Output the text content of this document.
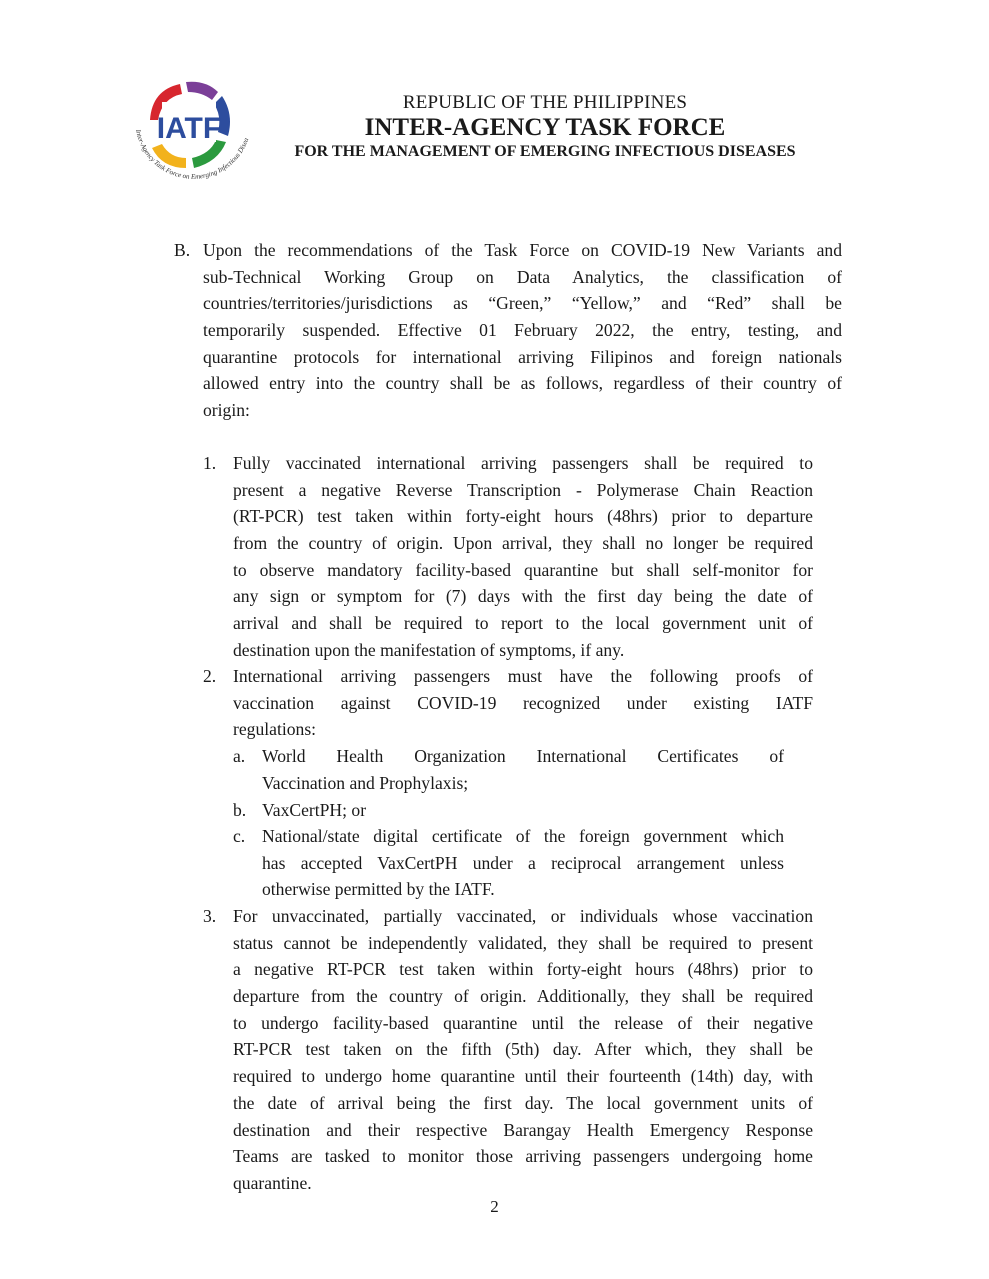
IATF
Inter-Agency Task Force on Emerging Infectious Disea
REPUBLIC OF THE PHILIPPINES
INTER-AGENCY TASK FORCE
FOR THE MANAGEMENT OF EMERGING INFECTIOUS DISEASES
B. Upon the recommendations of the Task Force on COVID-19 New Variants and
sub-Technical Working Group on Data Analytics, the classification of
countries/territories/jurisdictions as “Green,” “Yellow,” and “Red” shall be
temporarily suspended. Effective 01 February 2022, the entry, testing, and
quarantine protocols for international arriving Filipinos and foreign nationals
allowed entry into the country shall be as follows, regardless of their country of
origin:
1. Fully vaccinated international arriving passengers shall be required to
present a negative Reverse Transcription - Polymerase Chain Reaction
(RT-PCR) test taken within forty-eight hours (48hrs) prior to departure
from the country of origin. Upon arrival, they shall no longer be required
to observe mandatory facility-based quarantine but shall self-monitor for
any sign or symptom for (7) days with the first day being the date of
arrival and shall be required to report to the local government unit of
destination upon the manifestation of symptoms, if any.
2. International arriving passengers must have the following proofs of
vaccination against COVID-19 recognized under existing IATF
regulations:
a. World Health Organization International Certificates of
Vaccination and Prophylaxis;
b. VaxCertPH; or
c. National/state digital certificate of the foreign government which
has accepted VaxCertPH under a reciprocal arrangement unless
otherwise permitted by the IATF.
3. For unvaccinated, partially vaccinated, or individuals whose vaccination
status cannot be independently validated, they shall be required to present
a negative RT-PCR test taken within forty-eight hours (48hrs) prior to
departure from the country of origin. Additionally, they shall be required
to undergo facility-based quarantine until the release of their negative
RT-PCR test taken on the fifth (5th) day. After which, they shall be
required to undergo home quarantine until their fourteenth (14th) day, with
the date of arrival being the first day. The local government units of
destination and their respective Barangay Health Emergency Response
Teams are tasked to monitor those arriving passengers undergoing home
quarantine.
2
